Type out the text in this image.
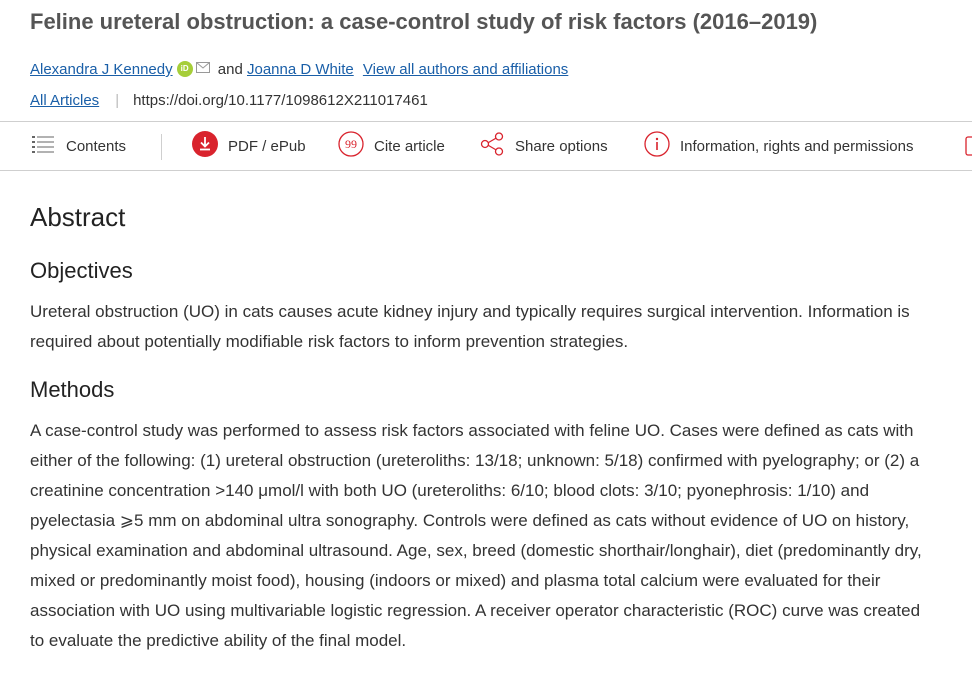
Feline ureteral obstruction: a case-control study of risk factors (2016–2019)
Alexandra J Kennedy iD and Joanna D White View all authors and affiliations
All Articles | https://doi.org/10.1177/1098612X211017461
Contents	PDF / ePub	99 Cite article	Share options	Information, rights and permissions
Abstract
Objectives

Ureteral obstruction (UO) in cats causes acute kidney injury and typically requires surgical intervention. Information is required about potentially modifiable risk factors to inform prevention strategies.

Methods

A case-control study was performed to assess risk factors associated with feline UO. Cases were defined as cats with either of the following: (1) ureteral obstruction (ureteroliths: 13/18; unknown: 5/18) confirmed with pyelography; or (2) a creatinine concentration >140 μmol/l with both UO (ureteroliths: 6/10; blood clots: 3/10; pyonephrosis: 1/10) and pyelectasia ⩾5 mm on abdominal ultra sonography. Controls were defined as cats without evidence of UO on history, physical examination and abdominal ultrasound. Age, sex, breed (domestic shorthair/longhair), diet (predominantly dry, mixed or predominantly moist food), housing (indoors or mixed) and plasma total calcium were evaluated for their association with UO using multivariable logistic regression. A receiver operator characteristic (ROC) curve was created to evaluate the predictive ability of the final model.
